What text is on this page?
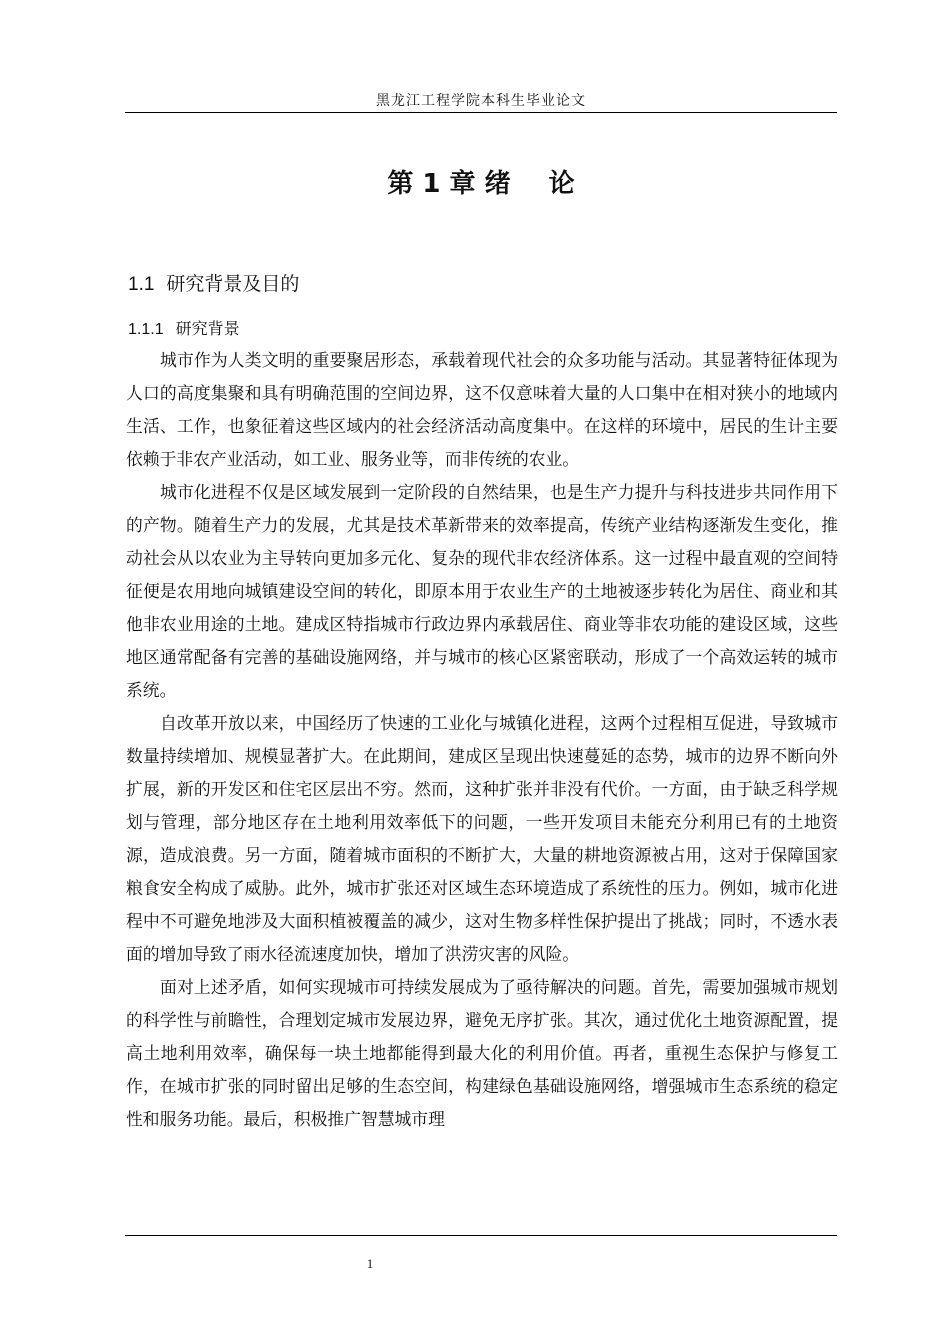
黑龙江工程学院本科生毕业论文
第 1 章 绪 论
1.1 研究背景及目的
1.1.1 研究背景

城市作为人类文明的重要聚居形态，承载着现代社会的众多功能与活动。其显著特征体现为人口的高度集聚和具有明确范围的空间边界，这不仅意味着大量的人口集中在相对狭小的地域内生活、工作，也象征着这些区域内的社会经济活动高度集中。在这样的环境中，居民的生计主要依赖于非农产业活动，如工业、服务业等，而非传统的农业。

城市化进程不仅是区域发展到一定阶段的自然结果，也是生产力提升与科技进步共同作用下的产物。随着生产力的发展，尤其是技术革新带来的效率提高，传统产业结构逐渐发生变化，推动社会从以农业为主导转向更加多元化、复杂的现代非农经济体系。这一过程中最直观的空间特征便是农用地向城镇建设空间的转化，即原本用于农业生产的土地被逐步转化为居住、商业和其他非农业用途的土地。建成区特指城市行政边界内承载居住、商业等非农功能的建设区域，这些地区通常配备有完善的基础设施网络，并与城市的核心区紧密联动，形成了一个高效运转的城市系统。

自改革开放以来，中国经历了快速的工业化与城镇化进程，这两个过程相互促进，导致城市数量持续增加、规模显著扩大。在此期间，建成区呈现出快速蔓延的态势，城市的边界不断向外扩展，新的开发区和住宅区层出不穷。然而，这种扩张并非没有代价。一方面，由于缺乏科学规划与管理，部分地区存在土地利用效率低下的问题，一些开发项目未能充分利用已有的土地资源，造成浪费。另一方面，随着城市面积的不断扩大，大量的耕地资源被占用，这对于保障国家粮食安全构成了威胁。此外，城市扩张还对区域生态环境造成了系统性的压力。例如，城市化进程中不可避免地涉及大面积植被覆盖的减少，这对生物多样性保护提出了挑战；同时，不透水表面的增加导致了雨水径流速度加快，增加了洪涝灾害的风险。

面对上述矛盾，如何实现城市可持续发展成为了亟待解决的问题。首先，需要加强城市规划的科学性与前瞻性，合理划定城市发展边界，避免无序扩张。其次，通过优化土地资源配置，提高土地利用效率，确保每一块土地都能得到最大化的利用价值。再者，重视生态保护与修复工作，在城市扩张的同时留出足够的生态空间，构建绿色基础设施网络，增强城市生态系统的稳定性和服务功能。最后，积极推广智慧城市理

1
